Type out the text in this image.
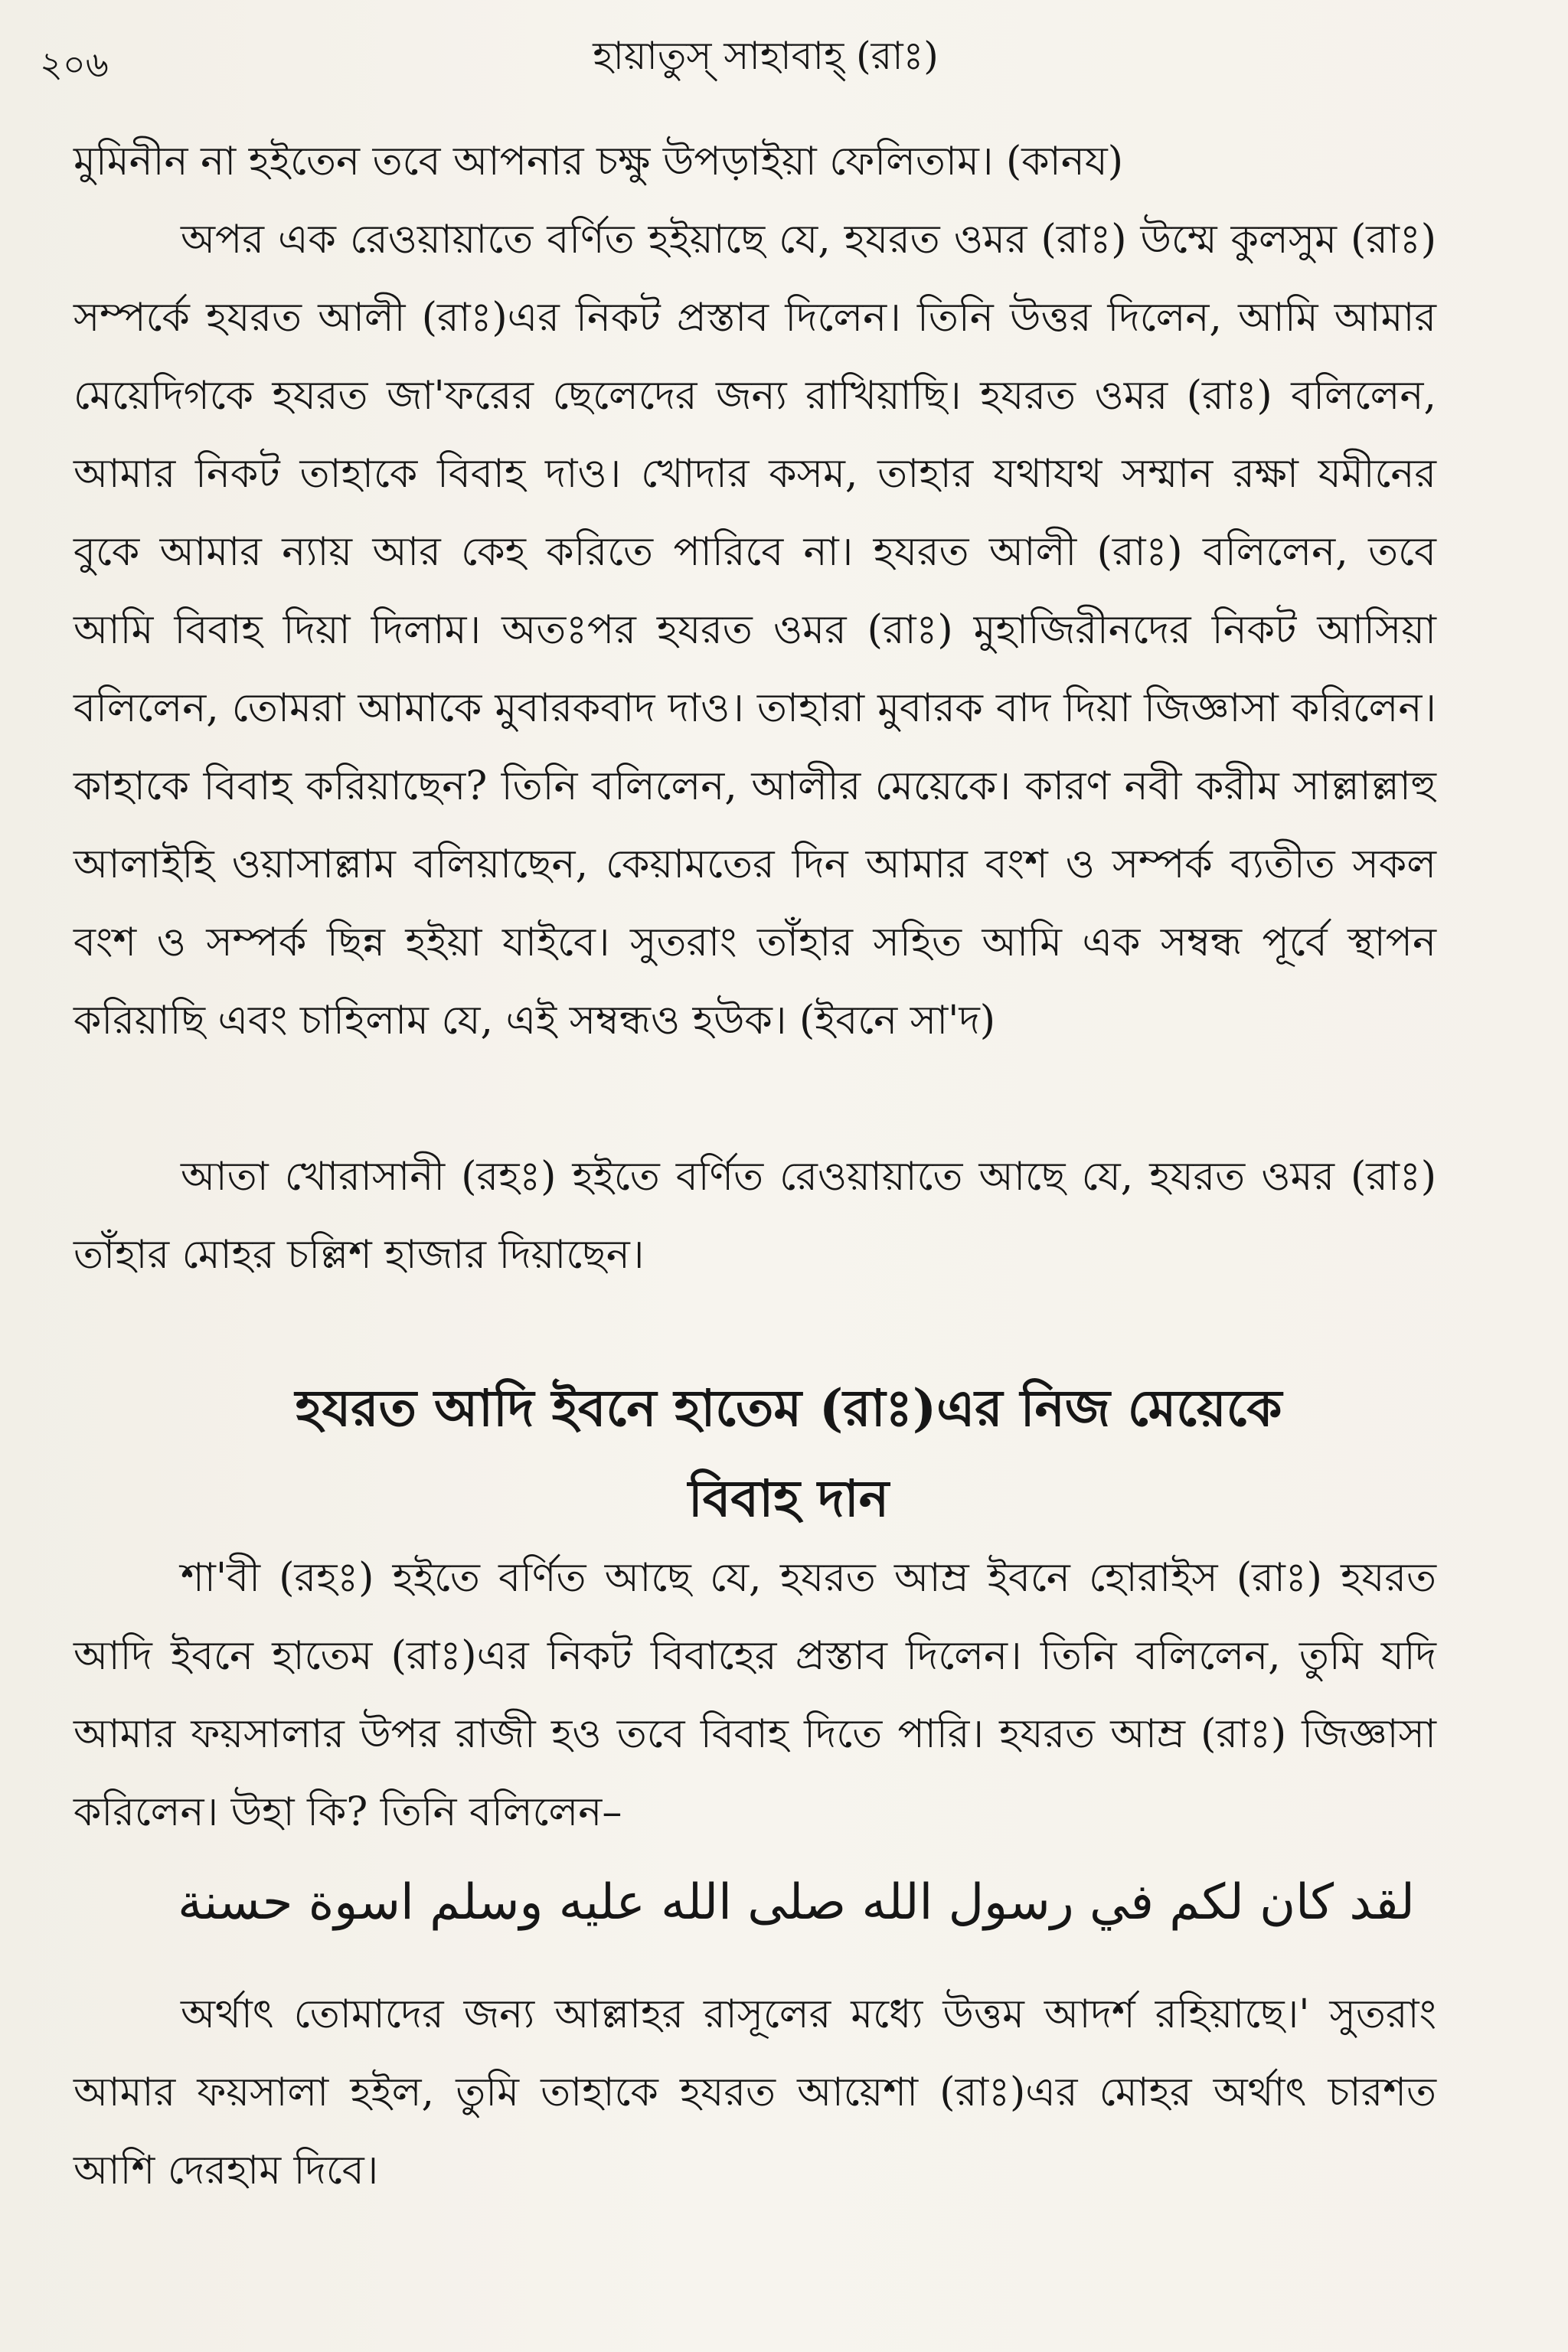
২০৬	হায়াতুস্ সাহাবাহ্ (রাঃ)

মুমিনীন না হইতেন তবে আপনার চক্ষু উপড়াইয়া ফেলিতাম। (কানয)

অপর এক রেওয়ায়াতে বর্ণিত হইয়াছে যে, হযরত ওমর (রাঃ) উম্মে কুলসুম (রাঃ) সম্পর্কে হযরত আলী (রাঃ)এর নিকট প্রস্তাব দিলেন। তিনি উত্তর দিলেন, আমি আমার মেয়েদিগকে হযরত জা'ফরের ছেলেদের জন্য রাখিয়াছি। হযরত ওমর (রাঃ) বলিলেন, আমার নিকট তাহাকে বিবাহ দাও। খোদার কসম, তাহার যথাযথ সম্মান রক্ষা যমীনের বুকে আমার ন্যায় আর কেহ করিতে পারিবে না। হযরত আলী (রাঃ) বলিলেন, তবে আমি বিবাহ দিয়া দিলাম। অতঃপর হযরত ওমর (রাঃ) মুহাজিরীনদের নিকট আসিয়া বলিলেন, তোমরা আমাকে মুবারকবাদ দাও। তাহারা মুবারক বাদ দিয়া জিজ্ঞাসা করিলেন। কাহাকে বিবাহ করিয়াছেন? তিনি বলিলেন, আলীর মেয়েকে। কারণ নবী করীম সাল্লাল্লাহু আলাইহি ওয়াসাল্লাম বলিয়াছেন, কেয়ামতের দিন আমার বংশ ও সম্পর্ক ব্যতীত সকল বংশ ও সম্পর্ক ছিন্ন হইয়া যাইবে। সুতরাং তাঁহার সহিত আমি এক সম্বন্ধ পূর্বে স্থাপন করিয়াছি এবং চাহিলাম যে, এই সম্বন্ধও হউক। (ইবনে সা'দ)

আতা খোরাসানী (রহঃ) হইতে বর্ণিত রেওয়ায়াতে আছে যে, হযরত ওমর (রাঃ) তাঁহার মোহর চল্লিশ হাজার দিয়াছেন।

হযরত আদি ইবনে হাতেম (রাঃ)এর নিজ মেয়েকে
বিবাহ দান

শা'বী (রহঃ) হইতে বর্ণিত আছে যে, হযরত আম্র ইবনে হোরাইস (রাঃ) হযরত আদি ইবনে হাতেম (রাঃ)এর নিকট বিবাহের প্রস্তাব দিলেন। তিনি বলিলেন, তুমি যদি আমার ফয়সালার উপর রাজী হও তবে বিবাহ দিতে পারি। হযরত আম্র (রাঃ) জিজ্ঞাসা করিলেন। উহা কি? তিনি বলিলেন–

لقد كان لكم في رسول الله صلى الله عليه وسلم اسوة حسنة

অর্থাৎ তোমাদের জন্য আল্লাহর রাসূলের মধ্যে উত্তম আদর্শ রহিয়াছে।' সুতরাং আমার ফয়সালা হইল, তুমি তাহাকে হযরত আয়েশা (রাঃ)এর মোহর অর্থাৎ চারশত আশি দেরহাম দিবে।
